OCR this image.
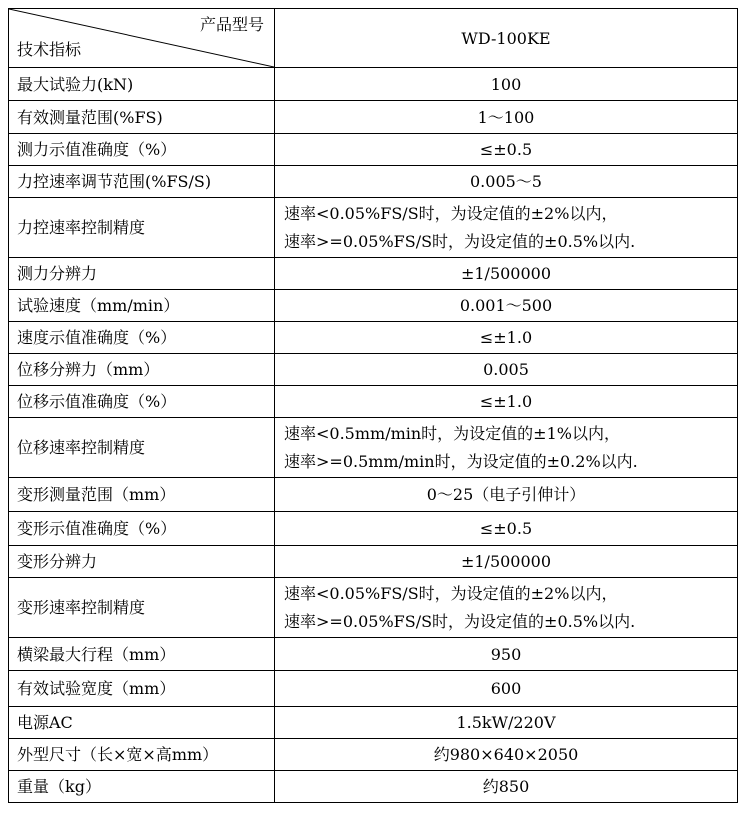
产品型号
技术指标	WD-100KE
最大试验力(kN)	100
有效测量范围(%FS)	1～100
测力示值准确度（%）	≤±0.5
力控速率调节范围(%FS/S)	0.005～5
力控速率控制精度	速率<0.05%FS/S时，为设定值的±2%以内，
速率>=0.05%FS/S时，为设定值的±0.5%以内.

测力分辨力	±1/500000
试验速度（mm/min）	0.001～500
速度示值准确度（%）	≤±1.0
位移分辨力（mm）	0.005
位移示值准确度（%）	≤±1.0
位移速率控制精度	速率<0.5mm/min时，为设定值的±1%以内，
速率>=0.5mm/min时，为设定值的±0.2%以内.

变形测量范围（mm）	0～25（电子引伸计）
变形示值准确度（%）	≤±0.5
变形分辨力	±1/500000
变形速率控制精度	速率<0.05%FS/S时，为设定值的±2%以内，
速率>=0.05%FS/S时，为设定值的±0.5%以内.

横梁最大行程（mm）	950
有效试验宽度（mm）	600
电源AC	1.5kW/220V
外型尺寸（长×宽×高mm）	约980×640×2050
重量（kg）	约850
